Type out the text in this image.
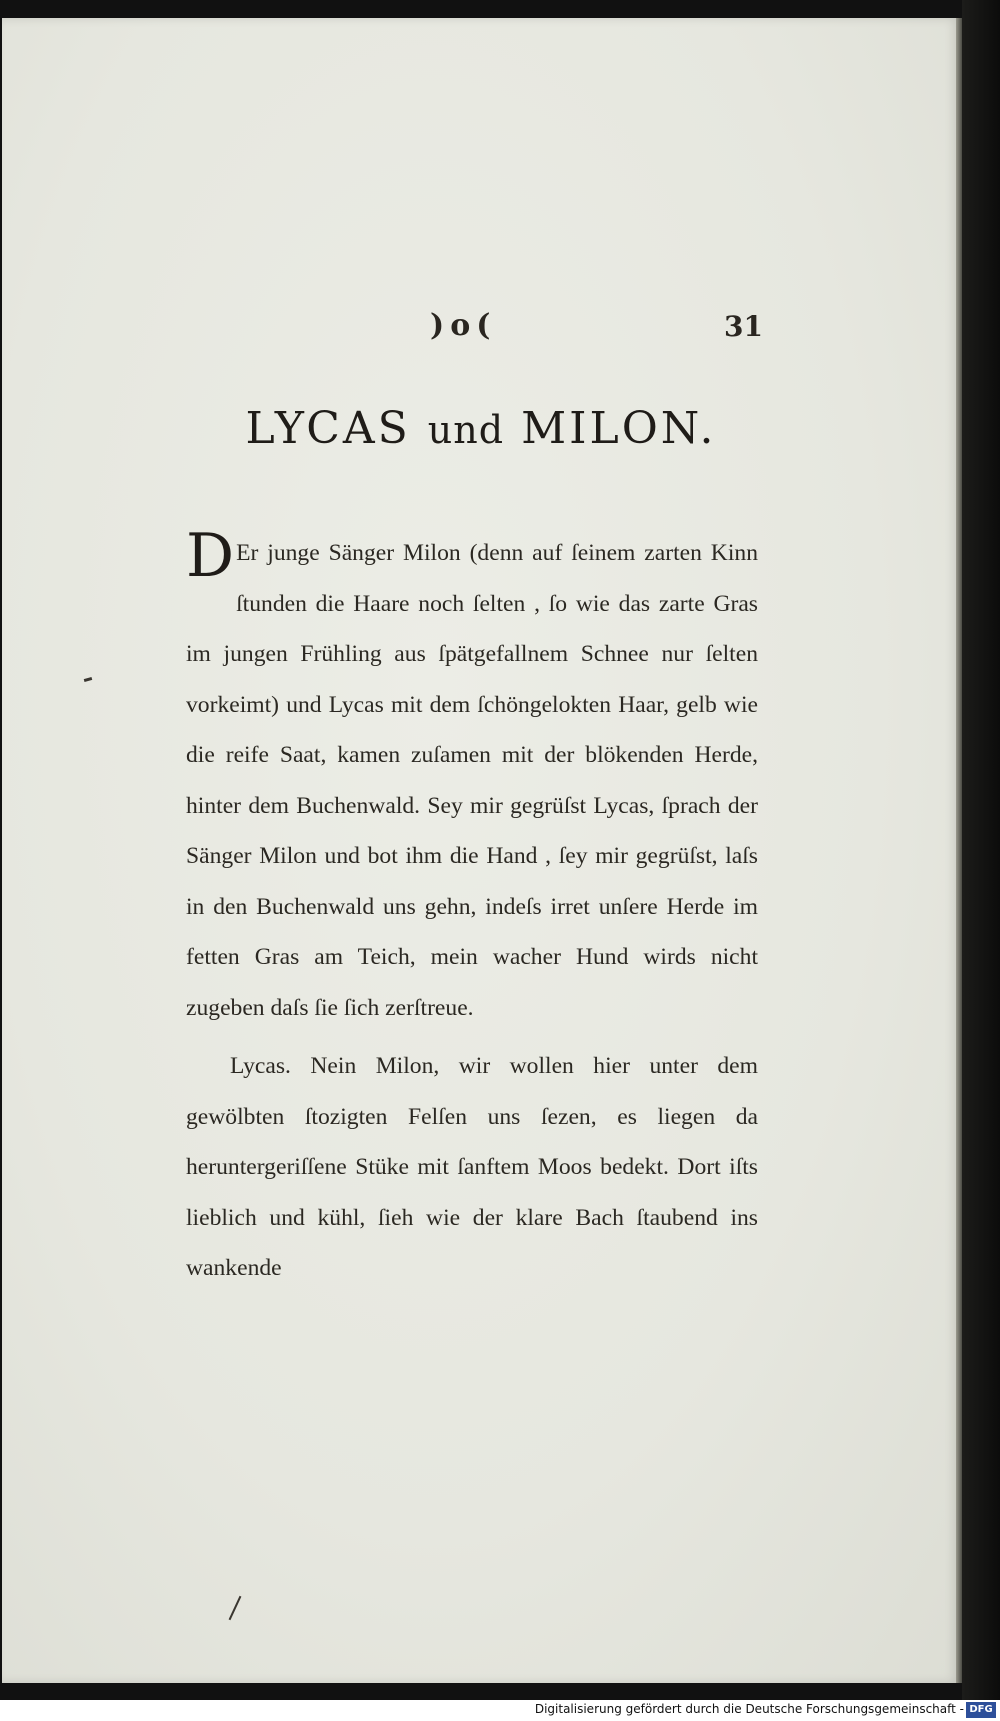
)o(	31
LYCAS und MILON.

D Er junge Sänger Milon (denn auf ſeinem zarten Kinn ſtunden die Haare noch ſelten , ſo wie das zarte Gras im jungen Frühling aus ſpätgefallnem Schnee nur ſelten vorkeimt) und Lycas mit dem ſchöngelokten Haar, gelb wie die reife Saat, kamen zuſamen mit der blökenden Herde, hinter dem Buchenwald. Sey mir gegrüſst Lycas, ſprach der Sänger Milon und bot ihm die Hand , ſey mir gegrüſst, laſs in den Buchenwald uns gehn, indeſs irret unſere Herde im fetten Gras am Teich, mein wacher Hund wirds nicht zugeben daſs ſie ſich zerſtreue.

Lycas. Nein Milon, wir wollen hier unter dem gewölbten ſtozigten Felſen uns ſezen, es liegen da heruntergeriſſene Stüke mit ſanftem Moos bedekt. Dort iſts lieblich und kühl, ſieh wie der klare Bach ſtaubend ins wankende

Digitalisierung gefördert durch die Deutsche Forschungsgemeinschaft - DFG
